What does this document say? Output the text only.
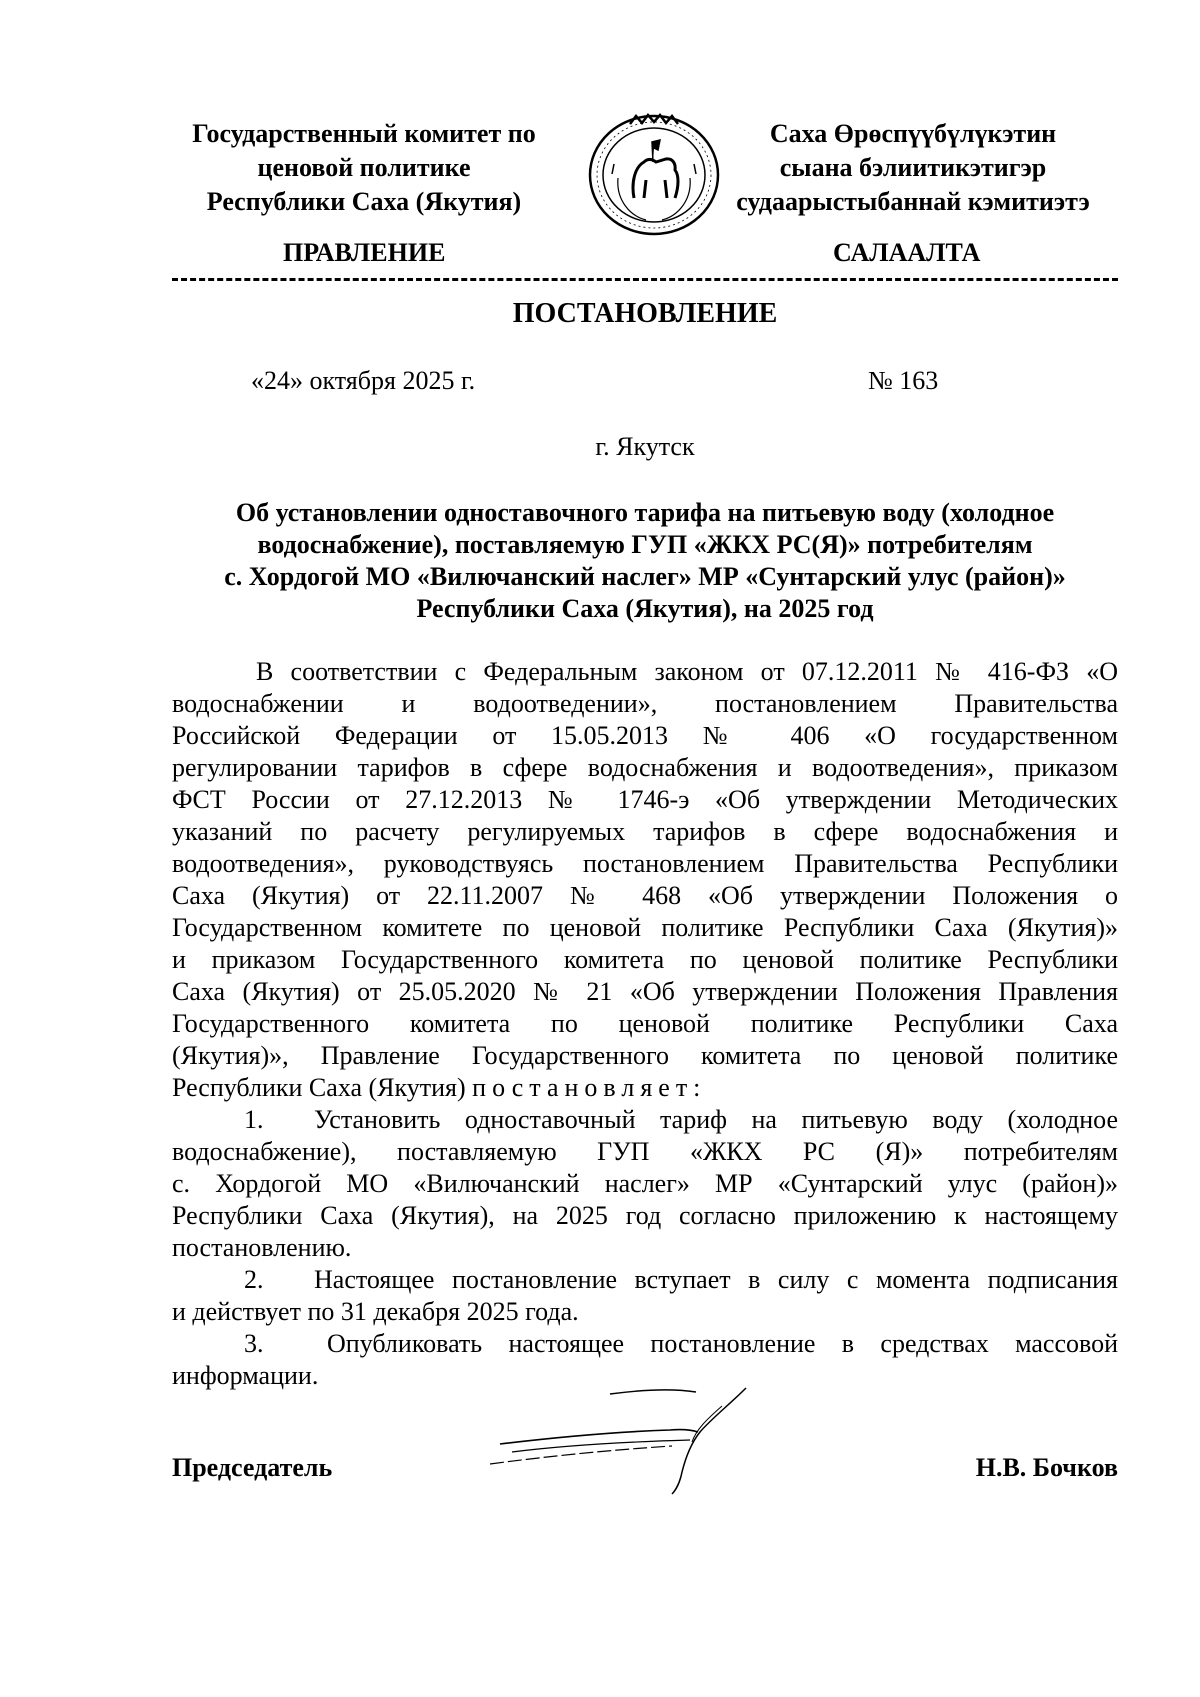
Государственный комитет по
ценовой политике
Республики Саха (Якутия)
Саха Өрөспүүбүлүкэтин
сыана бэлиитикэтигэр
судаарыстыбаннай кэмитиэтэ
ПРАВЛЕНИЕ	САЛААЛТА
ПОСТАНОВЛЕНИЕ
«24» октября 2025 г.	№ 163
г. Якутск
Об установлении одноставочного тарифа на питьевую воду (холодное
водоснабжение), поставляемую ГУП «ЖКХ РС(Я)» потребителям
с. Хордогой МО «Вилючанский наслег» МР «Сунтарский улус (район)»
Республики Саха (Якутия), на 2025 год
В соответствии с Федеральным законом от 07.12.2011 № 416-ФЗ «О
водоснабжении и водоотведении», постановлением Правительства
Российской Федерации от 15.05.2013 № 406 «О государственном
регулировании тарифов в сфере водоснабжения и водоотведения», приказом
ФСТ России от 27.12.2013 № 1746-э «Об утверждении Методических
указаний по расчету регулируемых тарифов в сфере водоснабжения и
водоотведения», руководствуясь постановлением Правительства Республики
Саха (Якутия) от 22.11.2007 № 468 «Об утверждении Положения о
Государственном комитете по ценовой политике Республики Саха (Якутия)»
и приказом Государственного комитета по ценовой политике Республики
Саха (Якутия) от 25.05.2020 № 21 «Об утверждении Положения Правления
Государственного комитета по ценовой политике Республики Саха
(Якутия)», Правление Государственного комитета по ценовой политике
Республики Саха (Якутия) постановляет:
1. Установить одноставочный тариф на питьевую воду (холодное
водоснабжение), поставляемую ГУП «ЖКХ РС (Я)» потребителям
с. Хордогой МО «Вилючанский наслег» МР «Сунтарский улус (район)»
Республики Саха (Якутия), на 2025 год согласно приложению к настоящему
постановлению.
2. Настоящее постановление вступает в силу с момента подписания
и действует по 31 декабря 2025 года.
3. Опубликовать настоящее постановление в средствах массовой
информации.
Председатель	Н.В. Бочков
